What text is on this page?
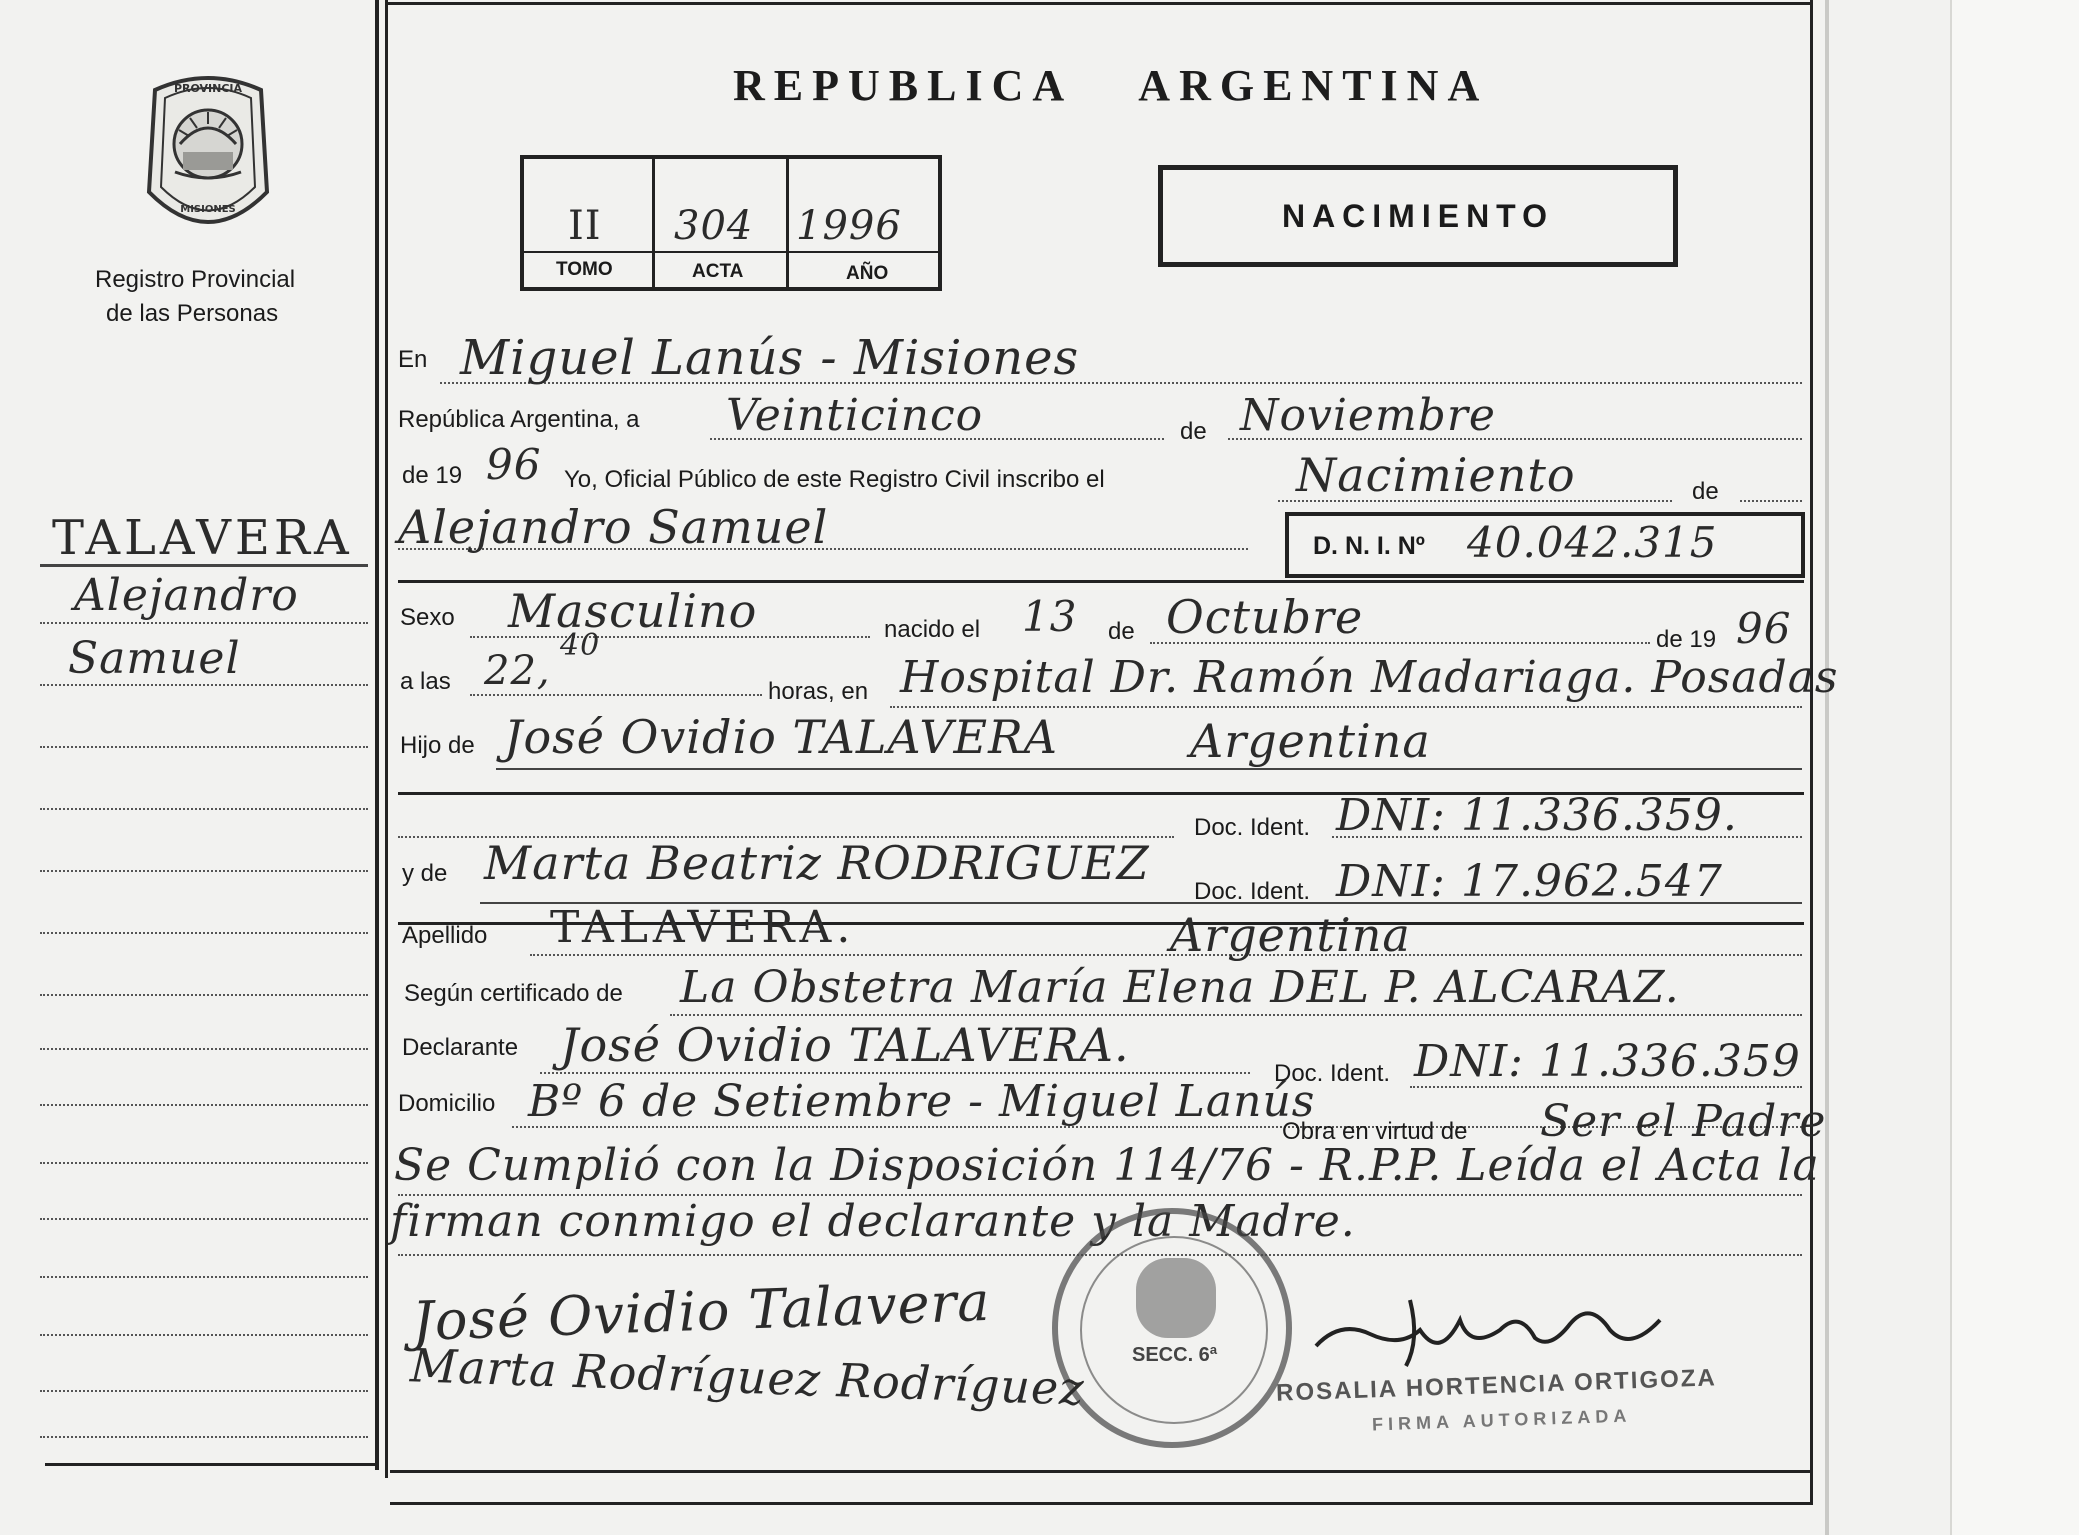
PROVINCIA
MISIONES
Registro Provincial
de las Personas
TALAVERA
Alejandro
Samuel
REPUBLICA ARGENTINA
II 304 1996
TOMO	ACTA	AÑO
NACIMIENTO
En Miguel Lanús - Misiones
República Argentina, a Veinticinco	de Noviembre
de 19 96 Yo, Oficial Público de este Registro Civil inscribo el	Nacimiento	de
Alejandro Samuel	D. N. I. Nº 40.042.315
Sexo Masculino	nacido el 13 de Octubre	de 19 96
a las 22,
40
horas, en Hospital Dr. Ramón Madariaga. Posadas
Hijo de José Ovidio TALAVERA	Argentina
Doc. Ident. DNI: 11.336.359.
y de Marta Beatriz RODRIGUEZ
Doc. Ident. DNI: 17.962.547
Apellido TALAVERA.	Argentina
Según certificado de La Obstetra María Elena DEL P. ALCARAZ.
Declarante José Ovidio TALAVERA.
Doc. Ident. DNI: 11.336.359
Domicilio Bº 6 de Setiembre - Miguel Lanús
Obra en virtud de Ser el Padre
Se Cumplió con la Disposición 114/76 - R.P.P. Leída el Acta la
firman conmigo el declarante y la Madre.
SECC. 6ª
José Ovidio Talavera
Marta Rodríguez Rodríguez	ROSALIA HORTENCIA ORTIGOZA
FIRMA AUTORIZADA
